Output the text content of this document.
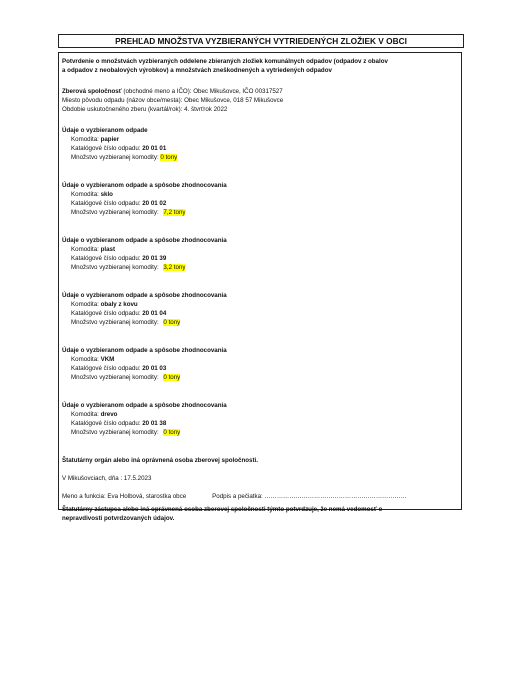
PREHĽAD MNOŽSTVA VYZBIERANÝCH VYTRIEDENÝCH ZLOŽIEK V OBCI

Potvrdenie o množstvách vyzbieraných oddelene zbieraných zložiek komunálnych odpadov (odpadov z obalov

a odpadov z neobalových výrobkov) a množstvách zneškodnených a vytriedených odpadov

Zberová spoločnosť (obchodné meno a IČO): Obec Mikušovce, IČO 00317527

Miesto pôvodu odpadu (názov obce/mesta): Obec Mikušovce, 018 57 Mikušovce

Obdobie uskutočneného zberu (kvartál/rok): 4. štvrťrok 2022

Údaje o vyzbieranom odpade

Komodita: papier

Katalógové číslo odpadu: 20 01 01

Množstvo vyzbieranej komodity: 0 tony

Údaje o vyzbieranom odpade a spôsobe zhodnocovania

Komodita: sklo

Katalógové číslo odpadu: 20 01 02

Množstvo vyzbieranej komodity: 7,2 tony

Údaje o vyzbieranom odpade a spôsobe zhodnocovania

Komodita: plast

Katalógové číslo odpadu: 20 01 39

Množstvo vyzbieranej komodity: 3,2 tony

Údaje o vyzbieranom odpade a spôsobe zhodnocovania

Komodita: obaly z kovu

Katalógové číslo odpadu: 20 01 04

Množstvo vyzbieranej komodity: 0 tony

Údaje o vyzbieranom odpade a spôsobe zhodnocovania

Komodita: VKM

Katalógové číslo odpadu: 20 01 03

Množstvo vyzbieranej komodity: 0 tony

Údaje o vyzbieranom odpade a spôsobe zhodnocovania

Komodita: drevo

Katalógové číslo odpadu: 20 01 38

Množstvo vyzbieranej komodity: 0 tony

Štatutárny orgán alebo iná oprávnená osoba zberovej spoločnosti.

V Mikušovciach, dňa : 17.5.2023

Meno a funkcia: Eva Holbová, starostka obce	Podpis a pečiatka: ……………………………………………………………

Štatutárny zástupca alebo iná oprávnená osoba zberovej spoločnosti týmto potvrdzuje, že nemá vedomosť o

nepravdivosti potvrdzovaných údajov.
